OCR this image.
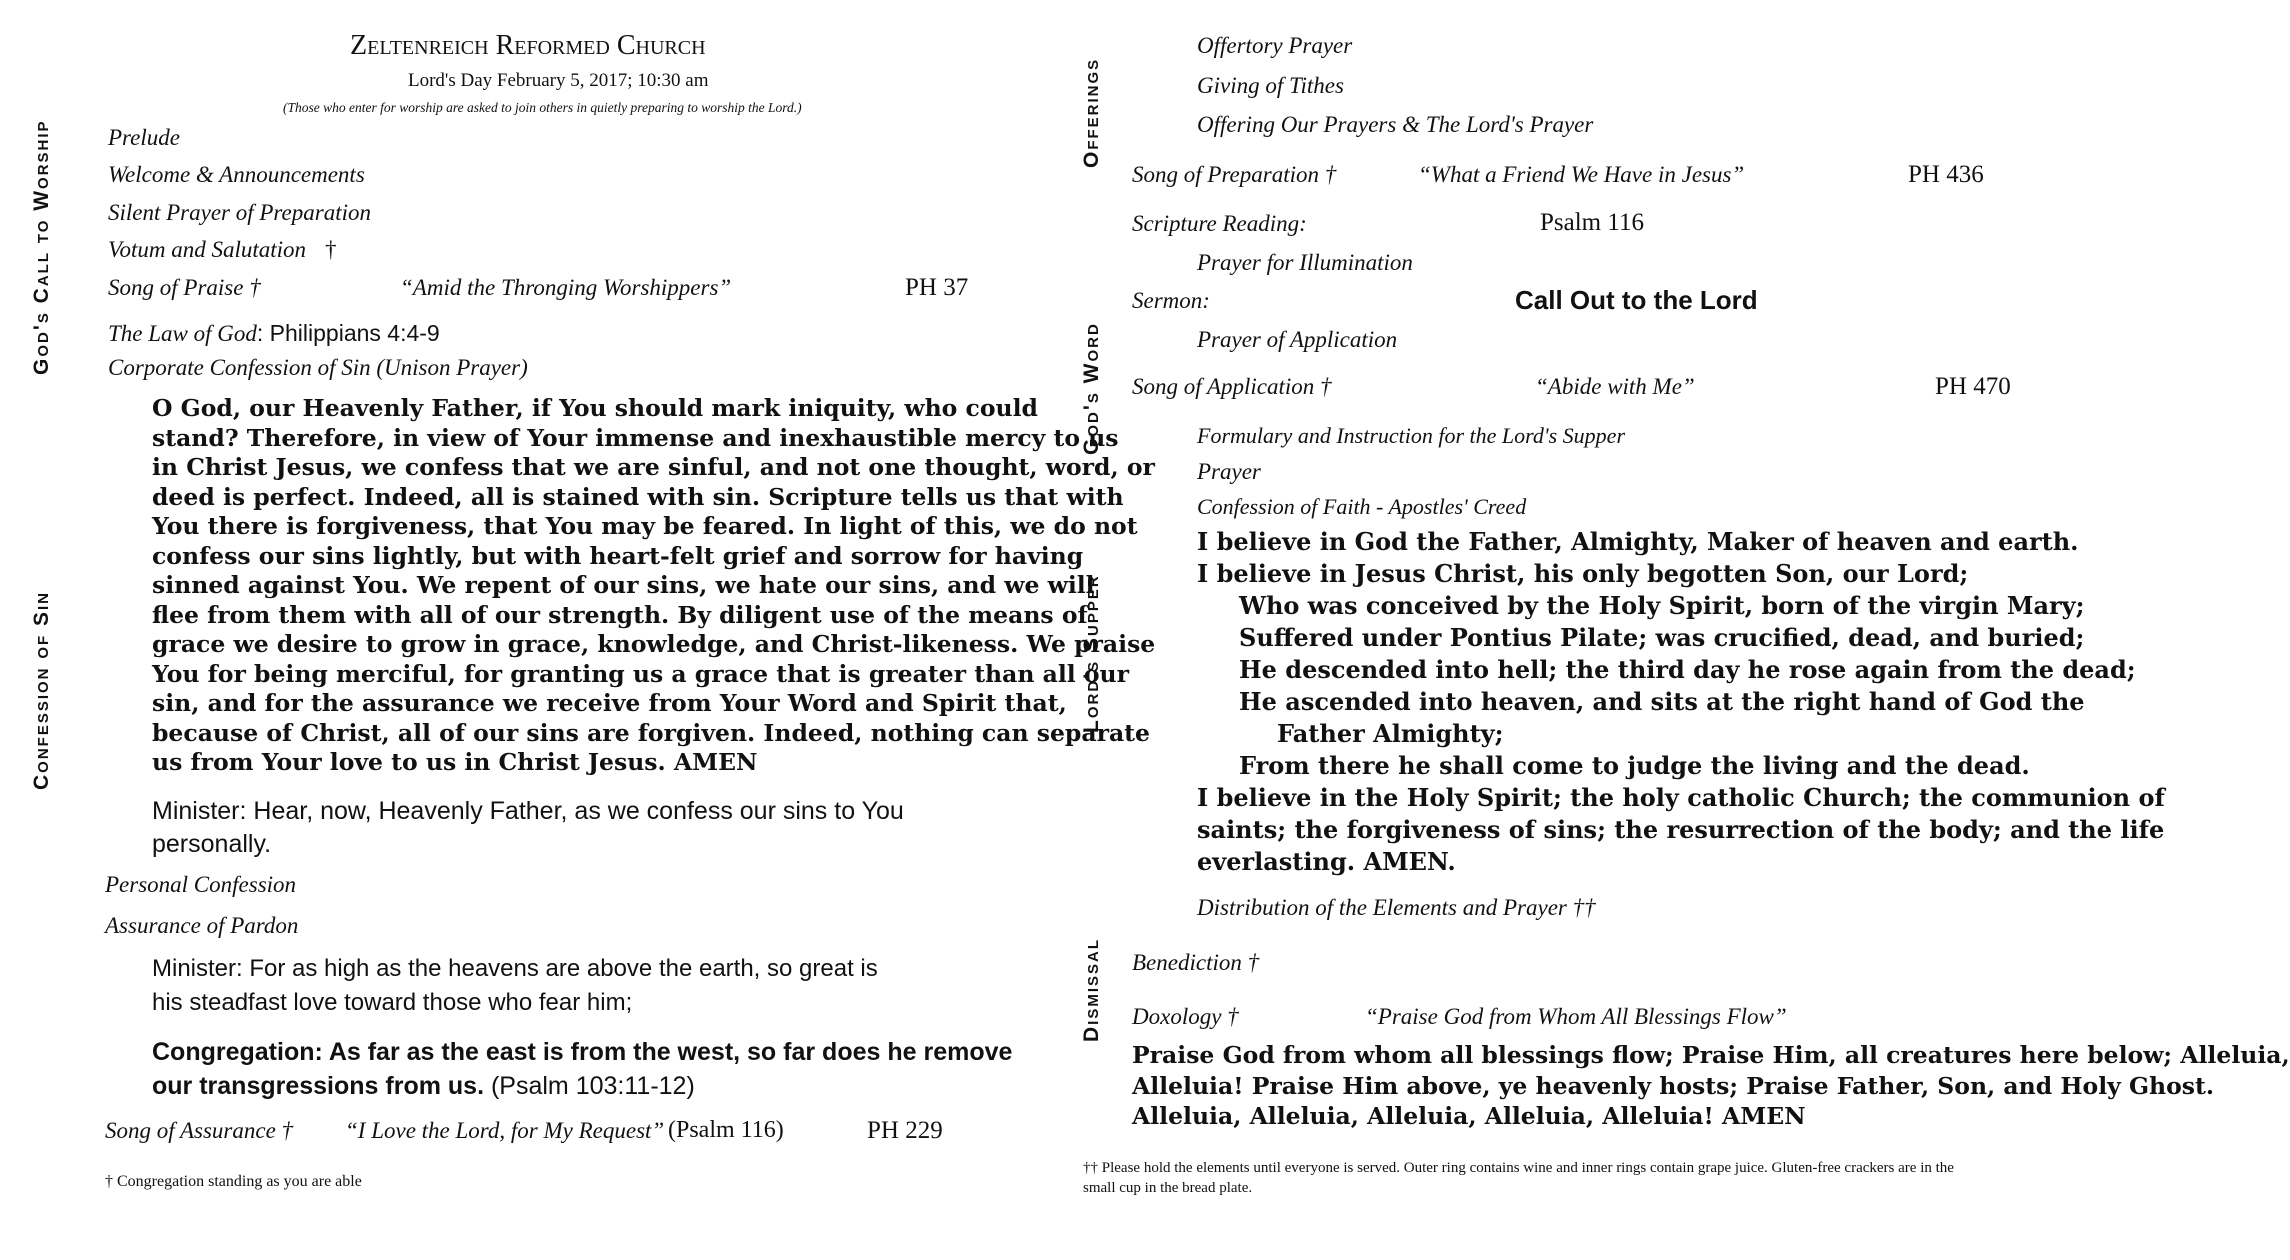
God's Call to Worship
Confession of Sin
Zeltenreich Reformed Church
Lord's Day February 5, 2017; 10:30 am
(Those who enter for worship are asked to join others in quietly preparing to worship the Lord.)
Prelude
Welcome & Announcements
Silent Prayer of Preparation
Votum and Salutation †
Song of Praise †	“Amid the Thronging Worshippers”	PH 37
The Law of God: Philippians 4:4-9
Corporate Confession of Sin (Unison Prayer)
O God, our Heavenly Father, if You should mark iniquity, who could
stand? Therefore, in view of Your immense and inexhaustible mercy to us
in Christ Jesus, we confess that we are sinful, and not one thought, word, or
deed is perfect. Indeed, all is stained with sin. Scripture tells us that with
You there is forgiveness, that You may be feared. In light of this, we do not
confess our sins lightly, but with heart-felt grief and sorrow for having
sinned against You. We repent of our sins, we hate our sins, and we will
flee from them with all of our strength. By diligent use of the means of
grace we desire to grow in grace, knowledge, and Christ-likeness. We praise
You for being merciful, for granting us a grace that is greater than all our
sin, and for the assurance we receive from Your Word and Spirit that,
because of Christ, all of our sins are forgiven. Indeed, nothing can separate
us from Your love to us in Christ Jesus. AMEN
Minister: Hear, now, Heavenly Father, as we confess our sins to You
personally.
Personal Confession
Assurance of Pardon
Minister: For as high as the heavens are above the earth, so great is
his steadfast love toward those who fear him;
Congregation: As far as the east is from the west, so far does he remove
our transgressions from us. (Psalm 103:11-12)
Song of Assurance † “I Love the Lord, for My Request” (Psalm 116)	PH 229
† Congregation standing as you are able
Offerings
God's Word
Lord's Supper
Dismissal
Offertory Prayer
Giving of Tithes
Offering Our Prayers & The Lord's Prayer
Song of Preparation †	“What a Friend We Have in Jesus”	PH 436
Scripture Reading:	Psalm 116
Prayer for Illumination
Sermon:	Call Out to the Lord
Prayer of Application
Song of Application †	“Abide with Me”	PH 470
Formulary and Instruction for the Lord's Supper
Prayer
Confession of Faith - Apostles' Creed
I believe in God the Father, Almighty, Maker of heaven and earth.
I believe in Jesus Christ, his only begotten Son, our Lord;
Who was conceived by the Holy Spirit, born of the virgin Mary;
Suffered under Pontius Pilate; was crucified, dead, and buried;
He descended into hell; the third day he rose again from the dead;
He ascended into heaven, and sits at the right hand of God the
Father Almighty;
From there he shall come to judge the living and the dead.
I believe in the Holy Spirit; the holy catholic Church; the communion of
saints; the forgiveness of sins; the resurrection of the body; and the life
everlasting. AMEN.
Distribution of the Elements and Prayer ††
Benediction †
Doxology †	“Praise God from Whom All Blessings Flow”
Praise God from whom all blessings flow; Praise Him, all creatures here below; Alleluia,
Alleluia! Praise Him above, ye heavenly hosts; Praise Father, Son, and Holy Ghost.
Alleluia, Alleluia, Alleluia, Alleluia, Alleluia! AMEN
†† Please hold the elements until everyone is served. Outer ring contains wine and inner rings contain grape juice. Gluten-free crackers are in the
small cup in the bread plate.
